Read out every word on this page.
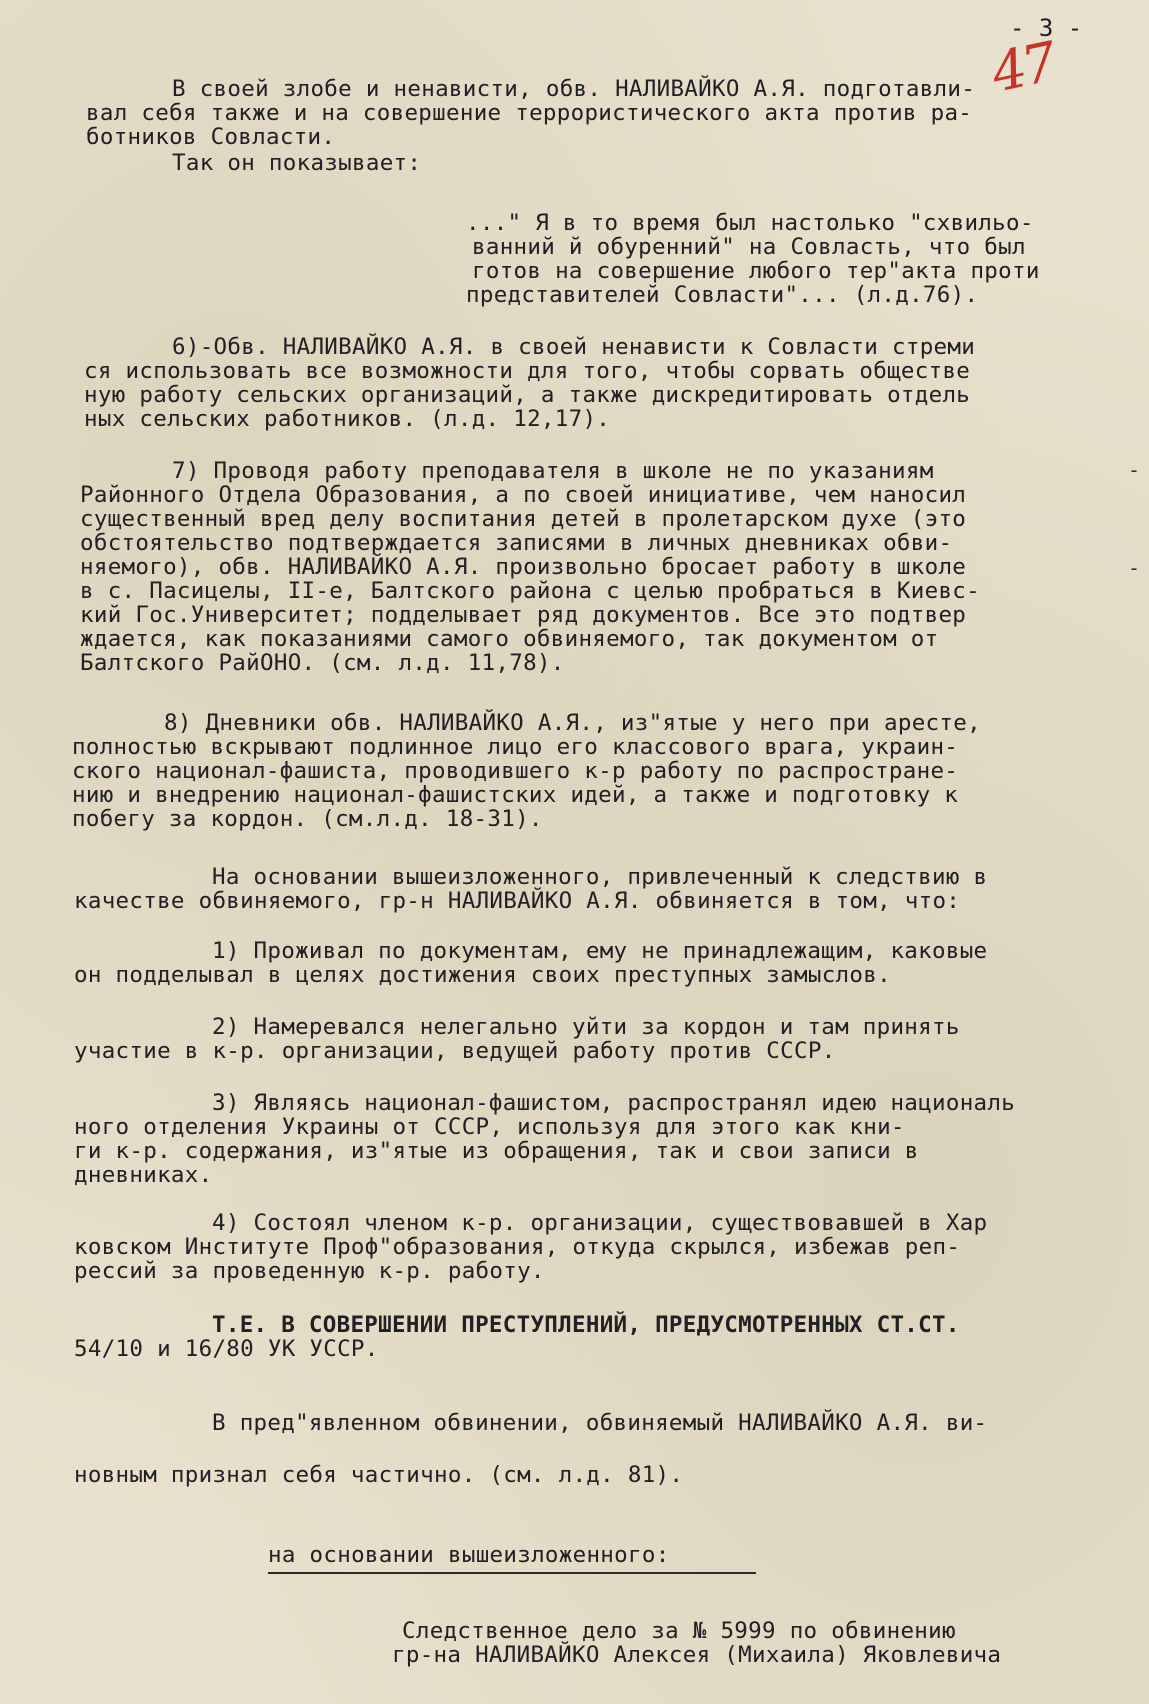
- 3 -
47
В своей злобе и ненависти, обв. НАЛИВАЙКО А.Я. подготавли-
вал себя также и на совершение террористического акта против ра-
ботников Совласти.
Так он показывает:
..." Я в то время был настолько "схвильо-
ванний й обуренний" на Совласть, что был
готов на совершение любого тер"акта проти
представителей Совласти"... (л.д.76).
6)-Обв. НАЛИВАЙКО А.Я. в своей ненависти к Совласти стреми
ся использовать все возможности для того, чтобы сорвать обществе
ную работу сельских организаций, а также дискредитировать отдель
ных сельских работников. (л.д. 12,17).
7) Проводя работу преподавателя в школе не по указаниям
Районного Отдела Образования, а по своей инициативе, чем наносил
существенный вред делу воспитания детей в пролетарском духе (это
обстоятельство подтверждается записями в личных дневниках обви-
няемого), обв. НАЛИВАЙКО А.Я. произвольно бросает работу в школе
в с. Пасицелы, II-е, Балтского района с целью пробраться в Киевс-
кий Гос.Университет; подделывает ряд документов. Все это подтвер
ждается, как показаниями самого обвиняемого, так документом от
Балтского РайОНО. (см. л.д. 11,78).
-
-
8) Дневники обв. НАЛИВАЙКО А.Я., из"ятые у него при аресте,
полностью вскрывают подлинное лицо его классового врага, украин-
ского национал-фашиста, проводившего к-р работу по распростране-
нию и внедрению национал-фашистских идей, а также и подготовку к
побегу за кордон. (см.л.д. 18-31).
На основании вышеизложенного, привлеченный к следствию в
качестве обвиняемого, гр-н НАЛИВАЙКО А.Я. обвиняется в том, что:
1) Проживал по документам, ему не принадлежащим, каковые
он подделывал в целях достижения своих преступных замыслов.
2) Намеревался нелегально уйти за кордон и там принять
участие в к-р. организации, ведущей работу против СССР.
3) Являясь национал-фашистом, распространял идею националь
ного отделения Украины от СССР, используя для этого как кни-
ги к-р. содержания, из"ятые из обращения, так и свои записи в
дневниках.
4) Состоял членом к-р. организации, существовавшей в Хар
ковском Институте Проф"образования, откуда скрылся, избежав реп-
рессий за проведенную к-р. работу.
Т.Е. В СОВЕРШЕНИИ ПРЕСТУПЛЕНИЙ, ПРЕДУСМОТРЕННЫХ СТ.СТ.
54/10 и 16/80 УК УССР.
В пред"явленном обвинении, обвиняемый НАЛИВАЙКО А.Я. ви-
новным признал себя частично. (см. л.д. 81).
на основании вышеизложенного:
Следственное дело за № 5999 по обвинению
гр-на НАЛИВАЙКО Алексея (Михаила) Яковлевича
